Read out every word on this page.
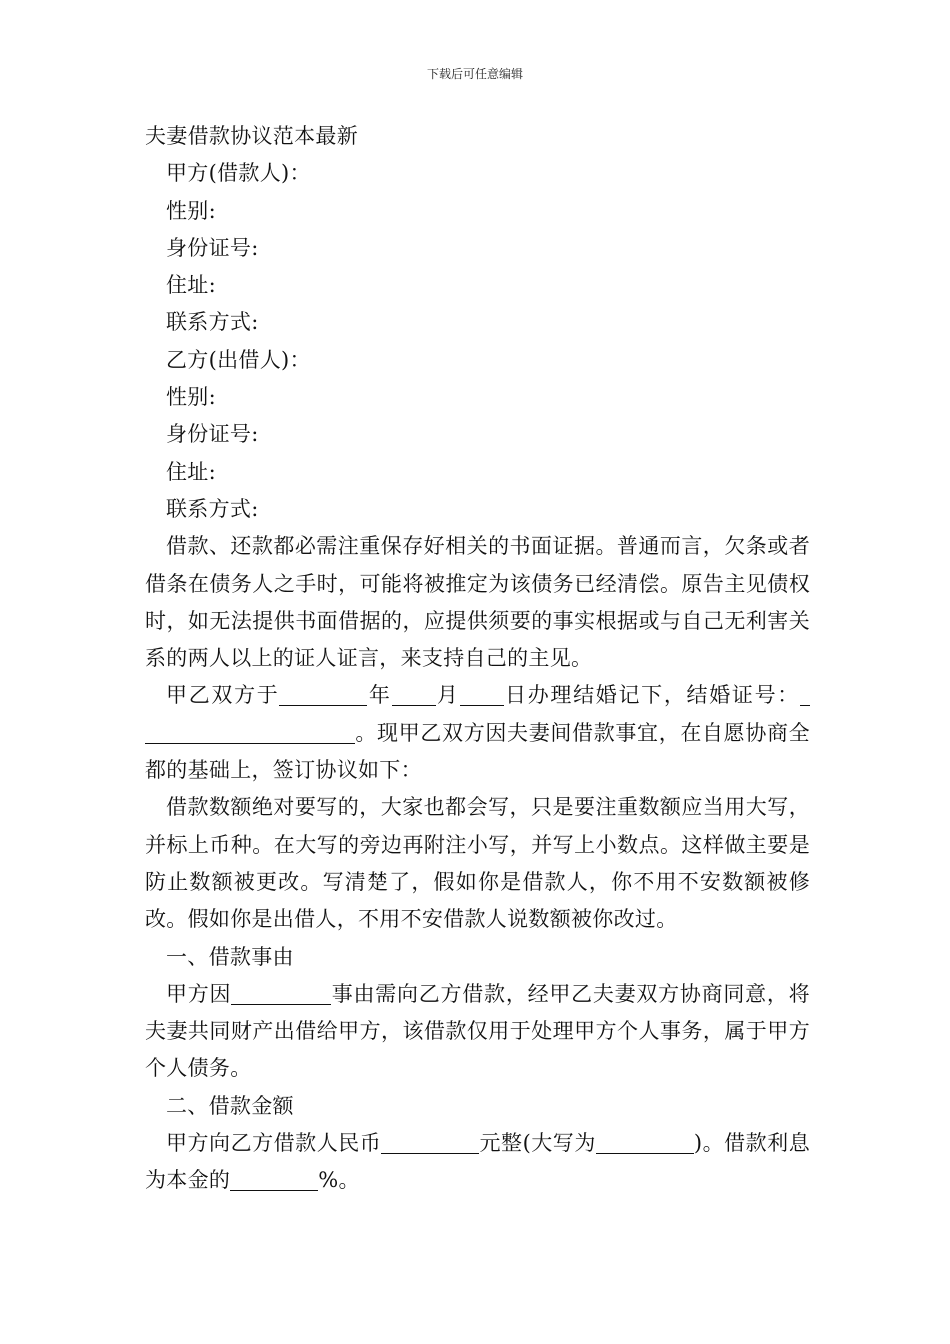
下载后可任意编辑
夫妻借款协议范本最新
甲方(借款人)：
性别:
身份证号:
住址:
联系方式:
乙方(出借人)：
性别:
身份证号:
住址:
联系方式:
借款、还款都必需注重保存好相关的书面证据。普通而言，欠条或者借条在债务人之手时，可能将被推定为该债务已经清偿。原告主见债权时，如无法提供书面借据的，应提供须要的事实根据或与自己无利害关系的两人以上的证人证言，来支持自己的主见。
甲乙双方于	年 月 日办理结婚记下，结婚证号：。现甲乙双方因夫妻间借款事宜，在自愿协商全都的基础上，签订协议如下：
借款数额绝对要写的，大家也都会写，只是要注重数额应当用大写，并标上币种。在大写的旁边再附注小写，并写上小数点。这样做主要是防止数额被更改。写清楚了，假如你是借款人，你不用不安数额被修改。假如你是出借人，不用不安借款人说数额被你改过。
一、借款事由
甲方因	事由需向乙方借款，经甲乙夫妻双方协商同意，将夫妻共同财产出借给甲方，该借款仅用于处理甲方个人事务，属于甲方个人债务。
二、借款金额
甲方向乙方借款人民币	元整(大写为	)。借款利息为本金的	%。
